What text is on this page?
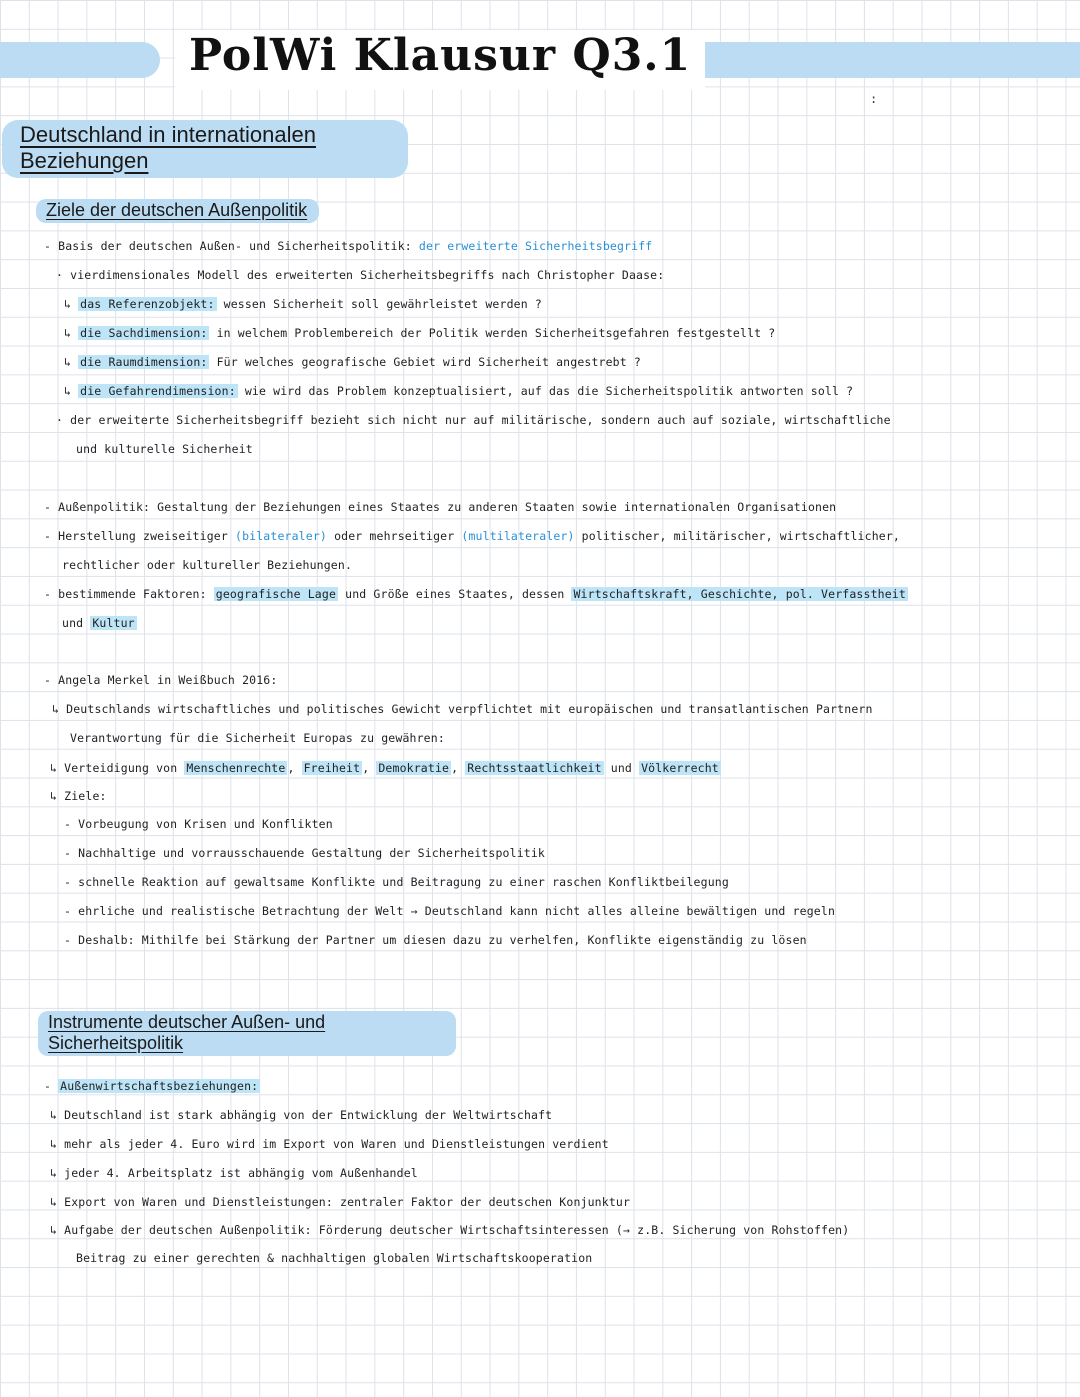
PolWi Klausur Q3.1
:
Deutschland in internationalen Beziehungen
Ziele der deutschen Außenpolitik
- Basis der deutschen Außen- und Sicherheitspolitik: der erweiterte Sicherheitsbegriff
· vierdimensionales Modell des erweiterten Sicherheitsbegriffs nach Christopher Daase:
↳ das Referenzobjekt: wessen Sicherheit soll gewährleistet werden ?
↳ die Sachdimension: in welchem Problembereich der Politik werden Sicherheitsgefahren festgestellt ?
↳ die Raumdimension: Für welches geografische Gebiet wird Sicherheit angestrebt ?
↳ die Gefahrendimension: wie wird das Problem konzeptualisiert, auf das die Sicherheitspolitik antworten soll ?
· der erweiterte Sicherheitsbegriff bezieht sich nicht nur auf militärische, sondern auch auf soziale, wirtschaftliche
und kulturelle Sicherheit
- Außenpolitik: Gestaltung der Beziehungen eines Staates zu anderen Staaten sowie internationalen Organisationen
- Herstellung zweiseitiger (bilateraler) oder mehrseitiger (multilateraler) politischer, militärischer, wirtschaftlicher,
rechtlicher oder kultureller Beziehungen.
- bestimmende Faktoren: geografische Lage und Größe eines Staates, dessen Wirtschaftskraft, Geschichte, pol. Verfasstheit
und Kultur
- Angela Merkel in Weißbuch 2016:
↳ Deutschlands wirtschaftliches und politisches Gewicht verpflichtet mit europäischen und transatlantischen Partnern
Verantwortung für die Sicherheit Europas zu gewähren:
↳ Verteidigung von Menschenrechte , Freiheit , Demokratie , Rechtsstaatlichkeit und Völkerrecht
↳ Ziele:
- Vorbeugung von Krisen und Konflikten
- Nachhaltige und vorrausschauende Gestaltung der Sicherheitspolitik
- schnelle Reaktion auf gewaltsame Konflikte und Beitragung zu einer raschen Konfliktbeilegung
- ehrliche und realistische Betrachtung der Welt → Deutschland kann nicht alles alleine bewältigen und regeln
- Deshalb: Mithilfe bei Stärkung der Partner um diesen dazu zu verhelfen, Konflikte eigenständig zu lösen
Instrumente deutscher Außen- und Sicherheitspolitik
- Außenwirtschaftsbeziehungen:
↳ Deutschland ist stark abhängig von der Entwicklung der Weltwirtschaft
↳ mehr als jeder 4. Euro wird im Export von Waren und Dienstleistungen verdient
↳ jeder 4. Arbeitsplatz ist abhängig vom Außenhandel
↳ Export von Waren und Dienstleistungen: zentraler Faktor der deutschen Konjunktur
↳ Aufgabe der deutschen Außenpolitik: Förderung deutscher Wirtschaftsinteressen (→ z.B. Sicherung von Rohstoffen)
Beitrag zu einer gerechten & nachhaltigen globalen Wirtschaftskooperation
